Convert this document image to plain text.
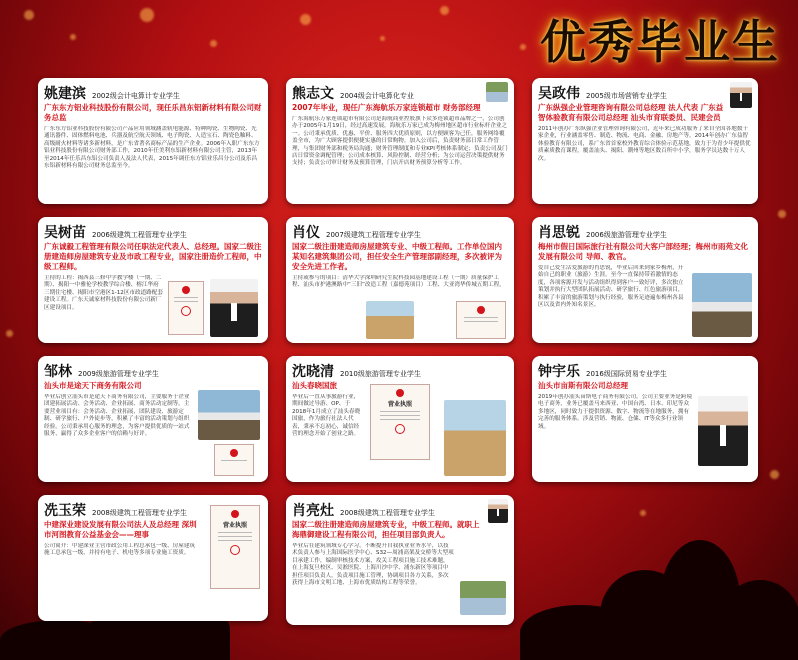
优秀毕业生
姚建滨 2002级会计电算计专业学生
广东东方铝业科技股份有限公司，现任乐昌东铝新材料有限公司财务总监
广东东方铝业科技股份有限公司产品应用领域涵盖轨电能源、特种陶瓷、生物陶瓷、光通讯器件、固体燃料电池、兵器及航空航天领域、电子陶瓷、人造宝石、陶瓷色釉料、高级耐火材料等诸多新材料，是广东省著名商标产品的生产企业。2006年入职广东东方铝业科技股份有限公司财务部工作，2010年任美利东铝新材料有限公司主管，2013年至2014年任乐昌东铝公司负责人及法人代表，2015年调任东方铝业乐昌分公司及乐昌东铝新材料有限公司财务总监至今。
熊志文 2004级会计电算化专业
2007年毕业，现任广东海航乐万家连锁超市 财务部经理
广东海航乐万家连锁超市有限公司是海航商业控股旗下众多连锁超市品牌之一，公司创办于2005年1月19日，经过高速发展，海航乐万家已成为梅州地区超市行业标杆企业之一。公司秉承优质、优惠、平价、服务四大优质原则，以方便顾客为己任，服务网络覆盖全市，为广大顾客提供便捷实惠的日常购物。加入公司后，负责财务部日常工作管理，与集团财务部和税务局沟通；财务管理制度和专业KPI考核体系制定；负责公司及门店日常资金调配管理；公司成本核算、风险控制、经营分析；为公司运营决策提供财务支持；负责公司审计财务及预算管理，门店开店财务预算分析等工作。
吴政伟 2005级市场营销专业学生
广东纵强企业管理咨询有限公司总经理 法人代表 广东益智体验教育有限公司总经理 汕头市育联委员、民建会员
2011年创办广东纵强企业管理咨询有限公司，近年来已成功服务了来自全国各地数千家企业，行业涵盖零售、制造、物流、电商、金融、房地产等。2014年创办广东益智体验教育有限公司，系广东省首家校外教育综合体验示范基地，致力于为青少年提供优质素质教育课程，覆盖汕头、揭阳、潮州等地区数百所中小学，服务学员达数十万人次。
吴树苗 2006级建筑工程管理专业学生
广东诚毅工程管理有限公司任职法定代表人、总经理。国家二级注册建造师房屋建筑专业及市政工程专业，国家注册造价工程师，中级工程师。
主持的工程：揭西县三修中学教学楼（一期、二期）、揭阳一中雅伦学校教学综合楼、榕江华府三期住宅楼、揭阳市空港区1-12区市政道路配套建设工程。广东天诚家材科技股份有限公司新厂区建设项目。
肖仪 2007级建筑工程管理专业学生
国家二级注册建造师房屋建筑专业、中级工程师。工作单位国内某知名建筑集团公司，担任安全生产管理部副经理，多次被评为安全先进工作者。
主持或参与的项目：清华大学深圳研究生院科技园基地建设工程（一期）质量保护工程、汕头市护港澳路中“三旧”改造工程（嘉德苑项目）工程、大亚湾华侨城五期工程。
肖思锐 2006级旅游管理专业学生
梅州市假日国际旅行社有限公司大客户部经理；梅州市雨苑文化发展有限公司 导师、教官。
爱自己爱生活爱旅游的肖思锐，毕业后回来到家乡梅州，开始自己的职业（旅游）生涯，至今一直保持带着激情的态度，各项客源开发与活动组织得到客户一致好评，多次独立策划并执行大型团队拓展活动、研学旅行、红色旅游项目，积累了丰富的旅游策划与执行经验，服务足迹遍布梅州各县区以及省内外知名景区。
邹林 2009级旅游管理专业学生
汕头市是途天下商务有限公司
毕业后创立汕头市是途天下商务有限公司，主要服务于企业团建拓展活动、会务活动、企业拓展、商务活动定制等。主要营业项目有：会务活动、企业拓展、团队建设、旅游定制、研学旅行、户外徒步等，积累了丰富的活动策划与组织经验。公司秉承用心服务的理念，为客户提供优质的一站式服务，赢得了众多企业客户的信赖与好评。
沈晓清 2010级旅游管理专业学生
汕头春晓国旅
毕业后一直从事旅游行业，期间做过导游、OP、于2018年1月成立了汕头春晓国旅，作为旅行社法人代表，秉承不忘初心，诚信经营的理念开始了创业之路。
营业执照
钟宇乐 2016级国际贸易专业学生
汕头市亩斯有限公司总经理
2019年创办汕头亩斯电子商务有限公司。公司主要业务是跨境电子商务，业务已覆盖马来西亚、中国台湾、日本、印尼等众多地区，同时致力于提供资源、数字、物流等在地服务，拥有完善的服务体系。涉及营销、物流、仓储、IT等众多行业领域。
冼玉荣 2008级建筑工程管理专业学生
中建深业建设发展有限公司法人及总经理 深圳市河图教育公益基金会——理事
公司简介：中建深业主营市政公用工程总承包一级、房屋建筑施工总承包一级，并持有电子、机电等多项专业施工资质。
营业执照
肖亮灶 2008级建筑工程管理专业学生
国家二级注册建造师房屋建筑专业，中级工程师。就职上海鼎御建设工程有限公司，担任项目部负责人。
毕业后在建筑领域专心学习，不断提升自我执业业务水平，以技术负责人参与上海国际医学中心、S32—周浦高架及交桥等大型项目承建工作，编制审核技术方案，攻关工程项目施工技术难题，在上海复旦校区、吴淞医院、上海川沙中学、浦东新区等项目中担任项目负责人，负责项目施工管理，协调项目各方关系，多次获得上海市文明工地、上海市优质结构工程等荣誉。
